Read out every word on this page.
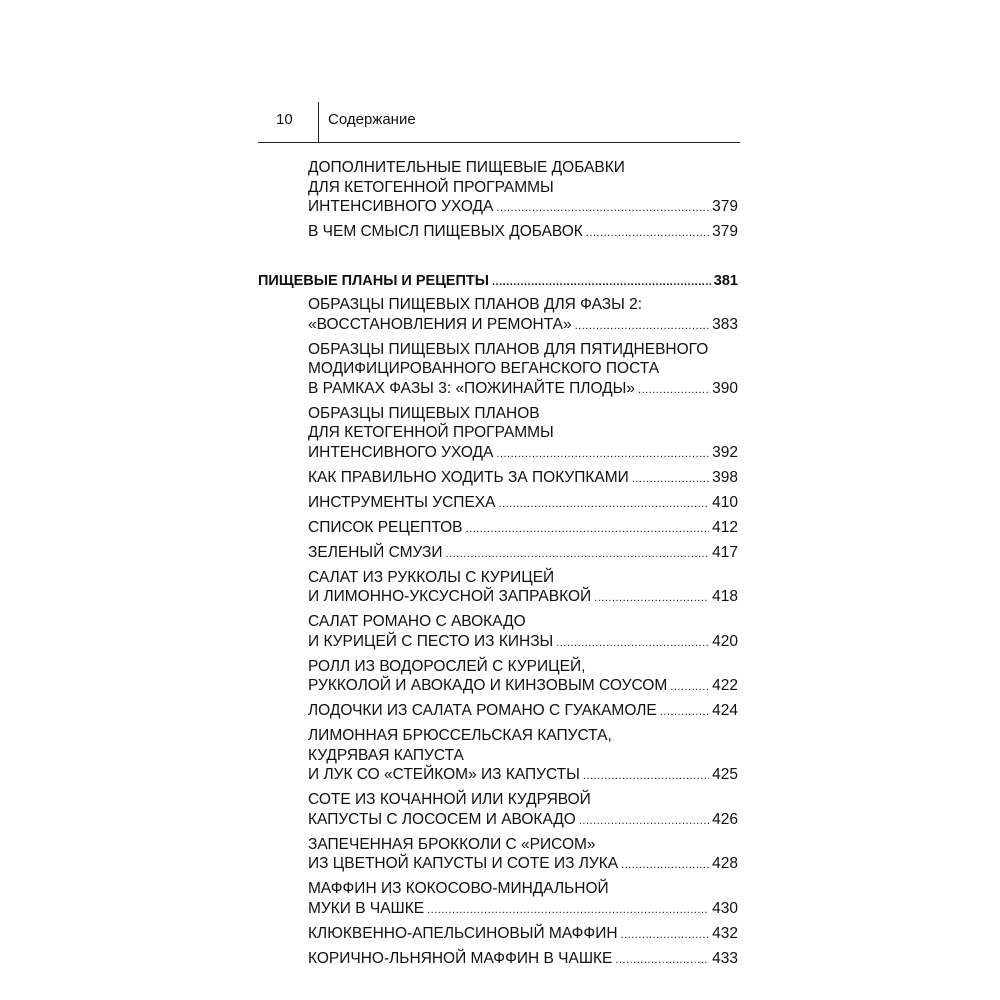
10 Содержание
ДОПОЛНИТЕЛЬНЫЕ ПИЩЕВЫЕ ДОБАВКИ
ДЛЯ КЕТОГЕННОЙ ПРОГРАММЫ
ИНТЕНСИВНОГО УХОДА .....	379
В ЧЕМ СМЫСЛ ПИЩЕВЫХ ДОБАВОК .....	379
ПИЩЕВЫЕ ПЛАНЫ И РЕЦЕПТЫ .....	381
ОБРАЗЦЫ ПИЩЕВЫХ ПЛАНОВ ДЛЯ ФАЗЫ 2:
«ВОССТАНОВЛЕНИЯ И РЕМОНТА» .....	383
ОБРАЗЦЫ ПИЩЕВЫХ ПЛАНОВ ДЛЯ ПЯТИДНЕВНОГО
МОДИФИЦИРОВАННОГО ВЕГАНСКОГО ПОСТА
В РАМКАХ ФАЗЫ 3: «ПОЖИНАЙТЕ ПЛОДЫ» .....	390
ОБРАЗЦЫ ПИЩЕВЫХ ПЛАНОВ
ДЛЯ КЕТОГЕННОЙ ПРОГРАММЫ
ИНТЕНСИВНОГО УХОДА .....	392
КАК ПРАВИЛЬНО ХОДИТЬ ЗА ПОКУПКАМИ .....	398
ИНСТРУМЕНТЫ УСПЕХА .....	410
СПИСОК РЕЦЕПТОВ .....	412
ЗЕЛЕНЫЙ СМУЗИ .....	417
САЛАТ ИЗ РУККОЛЫ С КУРИЦЕЙ
И ЛИМОННО-УКСУСНОЙ ЗАПРАВКОЙ .....	418
САЛАТ РОМАНО С АВОКАДО
И КУРИЦЕЙ С ПЕСТО ИЗ КИНЗЫ .....	420
РОЛЛ ИЗ ВОДОРОСЛЕЙ С КУРИЦЕЙ,
РУККОЛОЙ И АВОКАДО И КИНЗОВЫМ СОУСОМ .....	422
ЛОДОЧКИ ИЗ САЛАТА РОМАНО С ГУАКАМОЛЕ .....	424
ЛИМОННАЯ БРЮССЕЛЬСКАЯ КАПУСТА,
КУДРЯВАЯ КАПУСТА
И ЛУК СО «СТЕЙКОМ» ИЗ КАПУСТЫ .....	425
СОТЕ ИЗ КОЧАННОЙ ИЛИ КУДРЯВОЙ
КАПУСТЫ С ЛОСОСЕМ И АВОКАДО .....	426
ЗАПЕЧЕННАЯ БРОККОЛИ С «РИСОМ»
ИЗ ЦВЕТНОЙ КАПУСТЫ И СОТЕ ИЗ ЛУКА .....	428
МАФФИН ИЗ КОКОСОВО-МИНДАЛЬНОЙ
МУКИ В ЧАШКЕ .....	430
КЛЮКВЕННО-АПЕЛЬСИНОВЫЙ МАФФИН .....	432
КОРИЧНО-ЛЬНЯНОЙ МАФФИН В ЧАШКЕ .....	433
